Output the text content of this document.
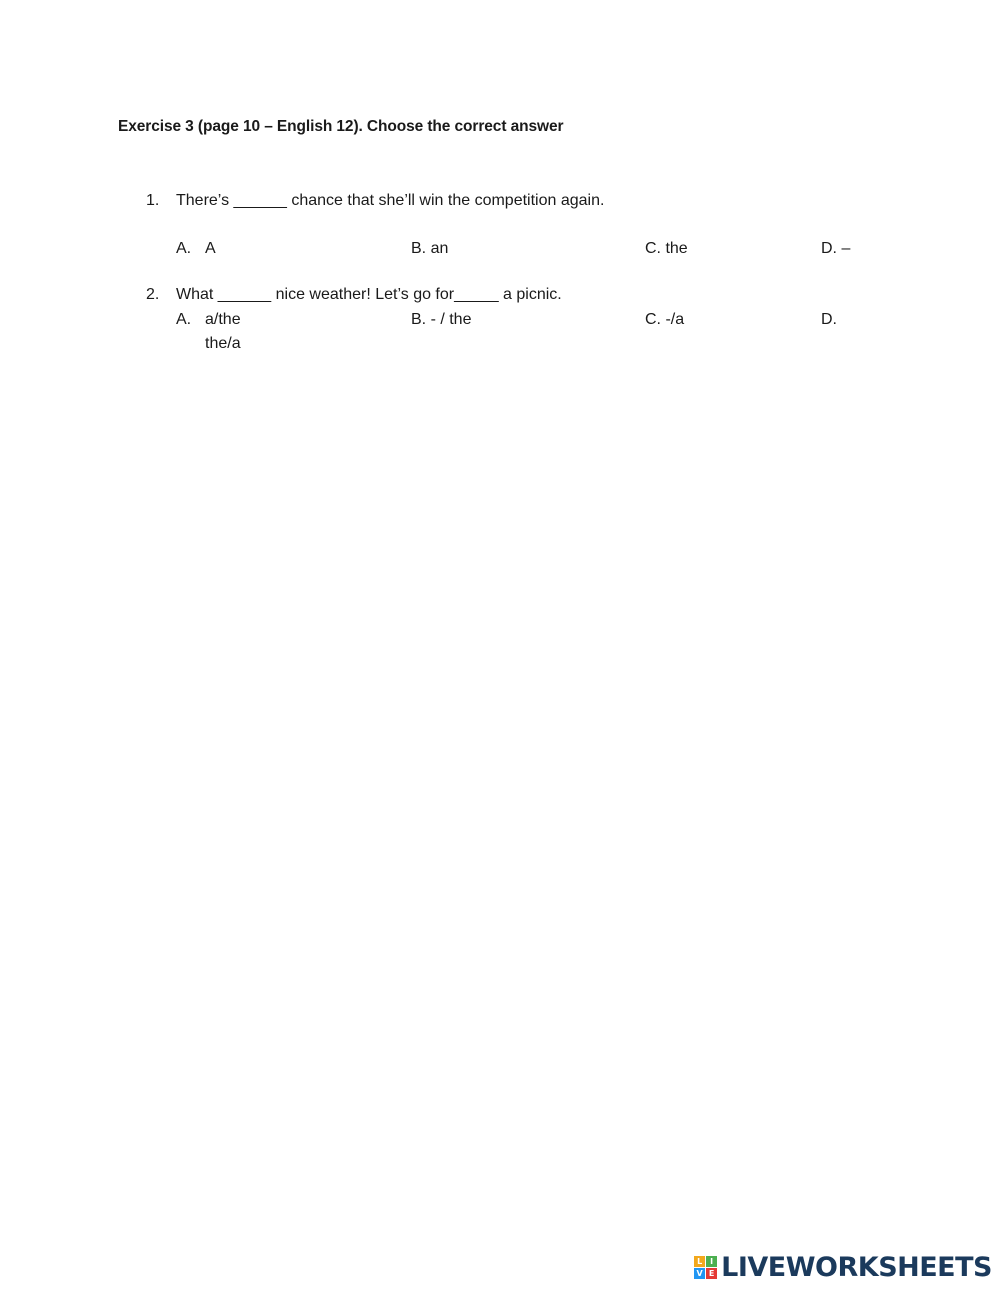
Exercise 3 (page 10 – English 12). Choose the correct answer
1. There’s ______ chance that she’ll win the competition again.
A. A	B. an	C. the	D. –
2. What ______ nice weather! Let’s go for_____ a picnic.
A. a/the	B. - / the	C. -/a	D.
the/a
L I
V E LIVEWORKSHEETS
